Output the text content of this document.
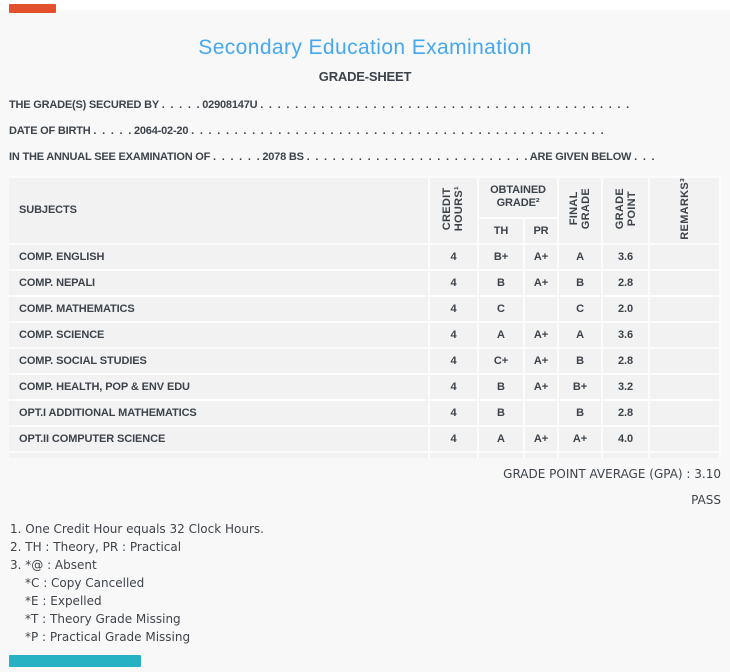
Secondary Education Examination
GRADE-SHEET
THE GRADE(S) SECURED BY . . . . . 02908147U . . . . . . . . . . . . . . . . . . . . . . . . . . . . . . . . . . . . . . . . . . .
DATE OF BIRTH . . . . . 2064-02-20 . . . . . . . . . . . . . . . . . . . . . . . . . . . . . . . . . . . . . . . . . . . . . . . .
IN THE ANNUAL SEE EXAMINATION OF . . . . . . 2078 BS . . . . . . . . . . . . . . . . . . . . . . . . . . ARE GIVEN BELOW . . .
SUBJECTS	CREDIT HOURS¹	OBTAINED
GRADE²		FINAL GRADE	GRADE POINT	REMARKS³
		TH	PR			
COMP. ENGLISH	4	B+	A+	A	3.6	
COMP. NEPALI	4	B	A+	B	2.8	
COMP. MATHEMATICS	4	C		C	2.0	
COMP. SCIENCE	4	A	A+	A	3.6	
COMP. SOCIAL STUDIES	4	C+	A+	B	2.8	
COMP. HEALTH, POP & ENV EDU	4	B	A+	B+	3.2	
OPT.I ADDITIONAL MATHEMATICS	4	B		B	2.8	
OPT.II COMPUTER SCIENCE	4	A	A+	A+	4.0	

GRADE POINT AVERAGE (GPA) : 3.10
PASS
1. One Credit Hour equals 32 Clock Hours.
2. TH : Theory, PR : Practical
3. *@ : Absent
*C : Copy Cancelled
*E : Expelled
*T : Theory Grade Missing
*P : Practical Grade Missing
